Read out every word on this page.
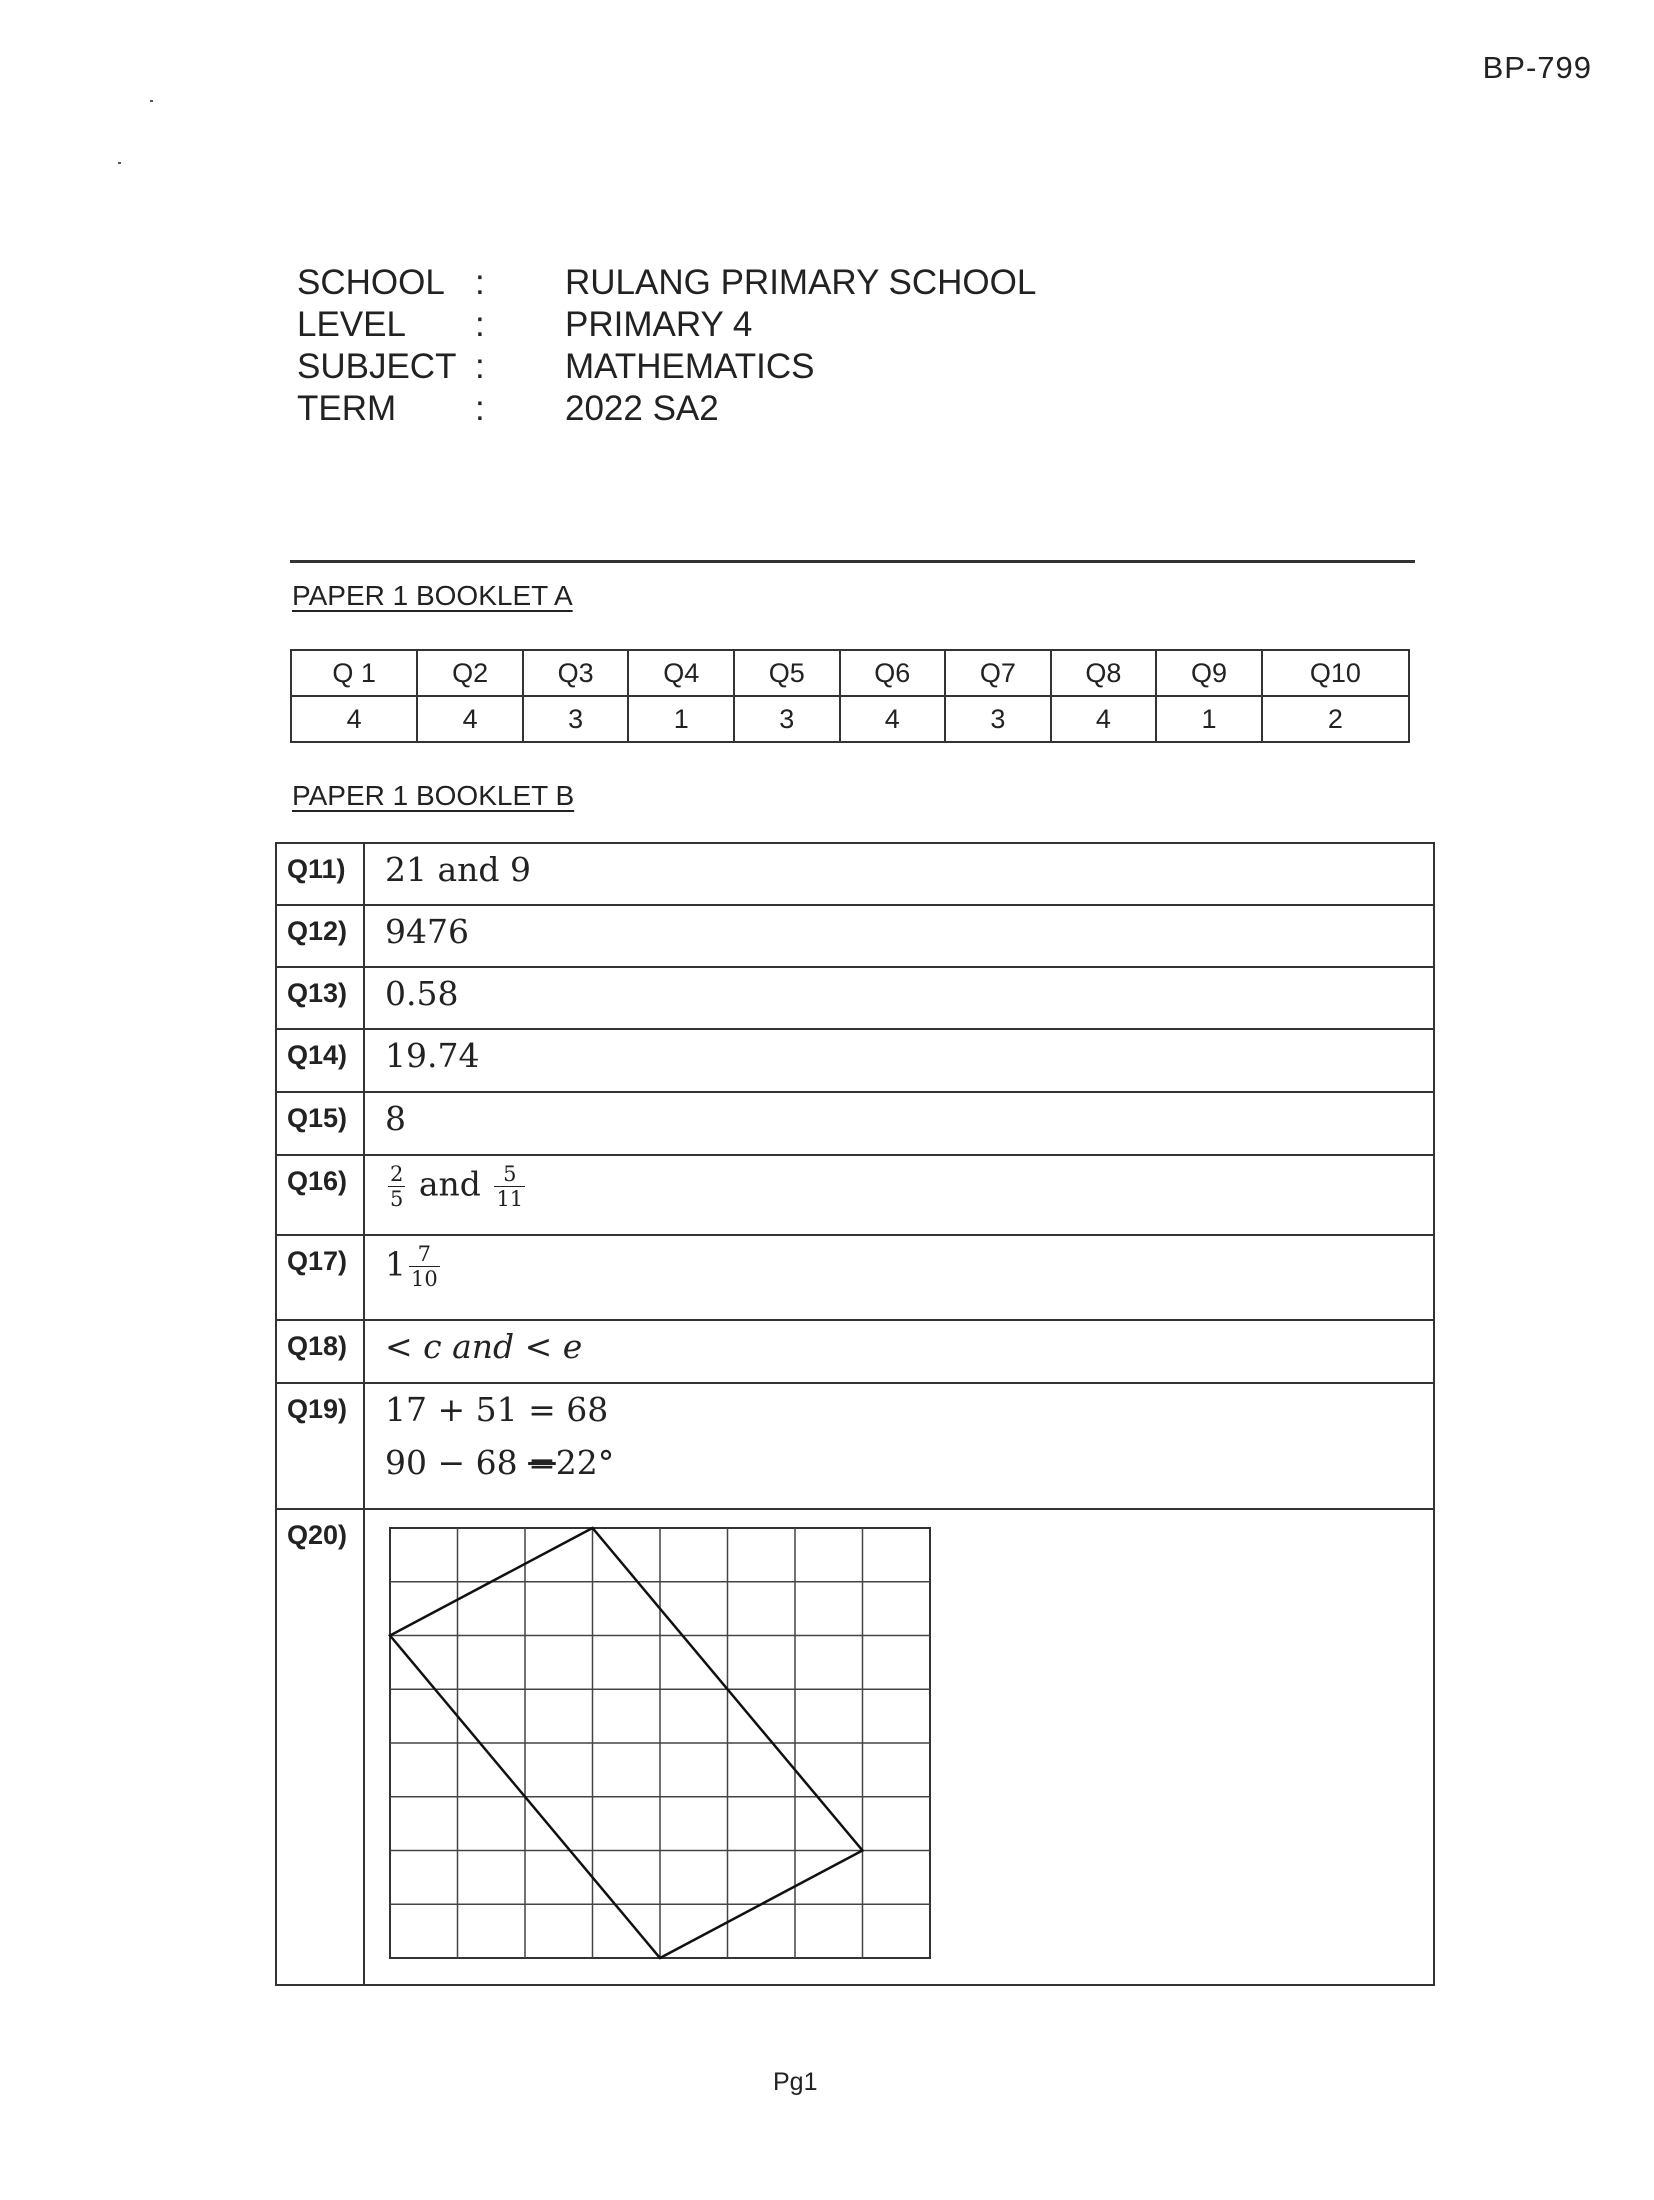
BP-799
SCHOOL :	RULANG PRIMARY SCHOOL
LEVEL	:	PRIMARY 4
SUBJECT :	MATHEMATICS
TERM	:	2022 SA2
PAPER 1 BOOKLET A
Q 1	Q2	Q3	Q4	Q5	Q6	Q7	Q8	Q9	Q10
4	4	3	1	3	4	3	4	1	2
PAPER 1 BOOKLET B
Q11)	21 and 9
Q12)	9476
Q13)	0.58
Q14)	19.74
Q15)	8
Q16)	$\frac{2}{5}$ and $\frac{5}{11}$

Q17)	$1 \frac{7}{10}$

Q18)	< c and < e
Q19)	17 + 51 = 68
90 − 68 =22°

Q20)	
Pg1
